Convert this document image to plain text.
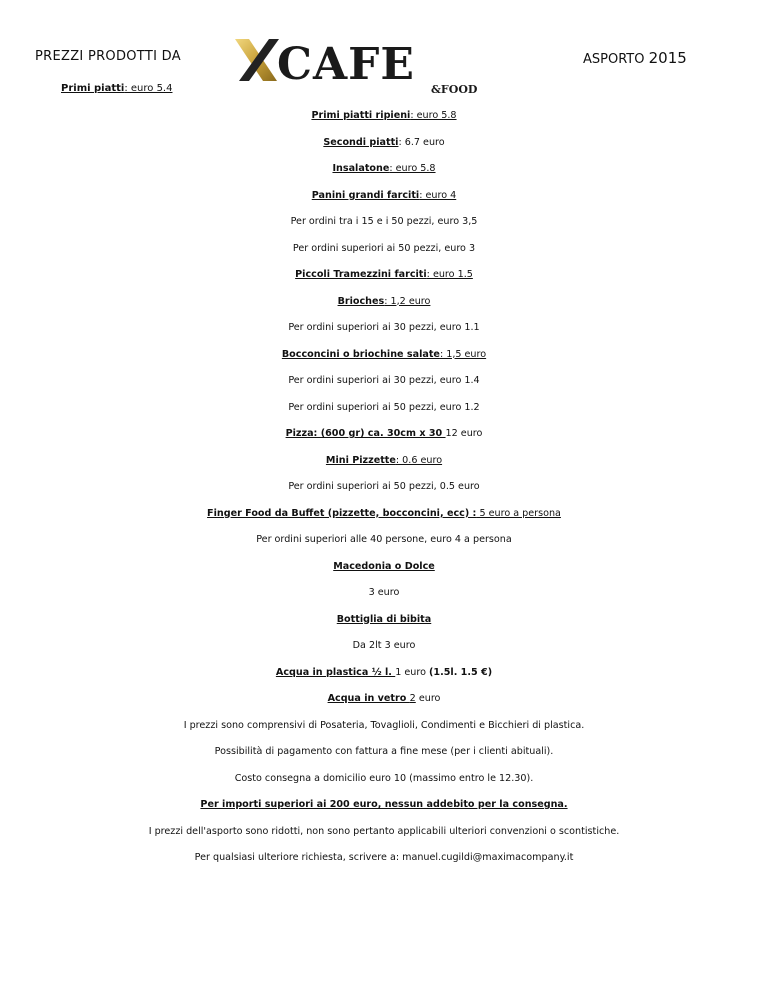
PREZZI PRODOTTI DA CAFE &FOOD
ASPORTO 2015
Primi piatti: euro 5.4
Primi piatti ripieni: euro 5.8
Secondi piatti: 6.7 euro
Insalatone: euro 5.8
Panini grandi farciti: euro 4
Per ordini tra i 15 e i 50 pezzi, euro 3,5
Per ordini superiori ai 50 pezzi, euro 3
Piccoli Tramezzini farciti: euro 1.5
Brioches: 1,2 euro
Per ordini superiori ai 30 pezzi, euro 1.1
Bocconcini o briochine salate: 1,5 euro
Per ordini superiori ai 30 pezzi, euro 1.4
Per ordini superiori ai 50 pezzi, euro 1.2
Pizza: (600 gr) ca. 30cm x 30 12 euro
Mini Pizzette: 0.6 euro
Per ordini superiori ai 50 pezzi, 0.5 euro
Finger Food da Buffet (pizzette, bocconcini, ecc) : 5 euro a persona
Per ordini superiori alle 40 persone, euro 4 a persona
Macedonia o Dolce
3 euro
Bottiglia di bibita
Da 2lt 3 euro
Acqua in plastica ½ l. 1 euro (1.5l. 1.5 €)
Acqua in vetro 2 euro
I prezzi sono comprensivi di Posateria, Tovaglioli, Condimenti e Bicchieri di plastica.
Possibilità di pagamento con fattura a fine mese (per i clienti abituali).
Costo consegna a domicilio euro 10 (massimo entro le 12.30).
Per importi superiori ai 200 euro, nessun addebito per la consegna.
I prezzi dell'asporto sono ridotti, non sono pertanto applicabili ulteriori convenzioni o scontistiche.
Per qualsiasi ulteriore richiesta, scrivere a: manuel.cugildi@maximacompany.it
